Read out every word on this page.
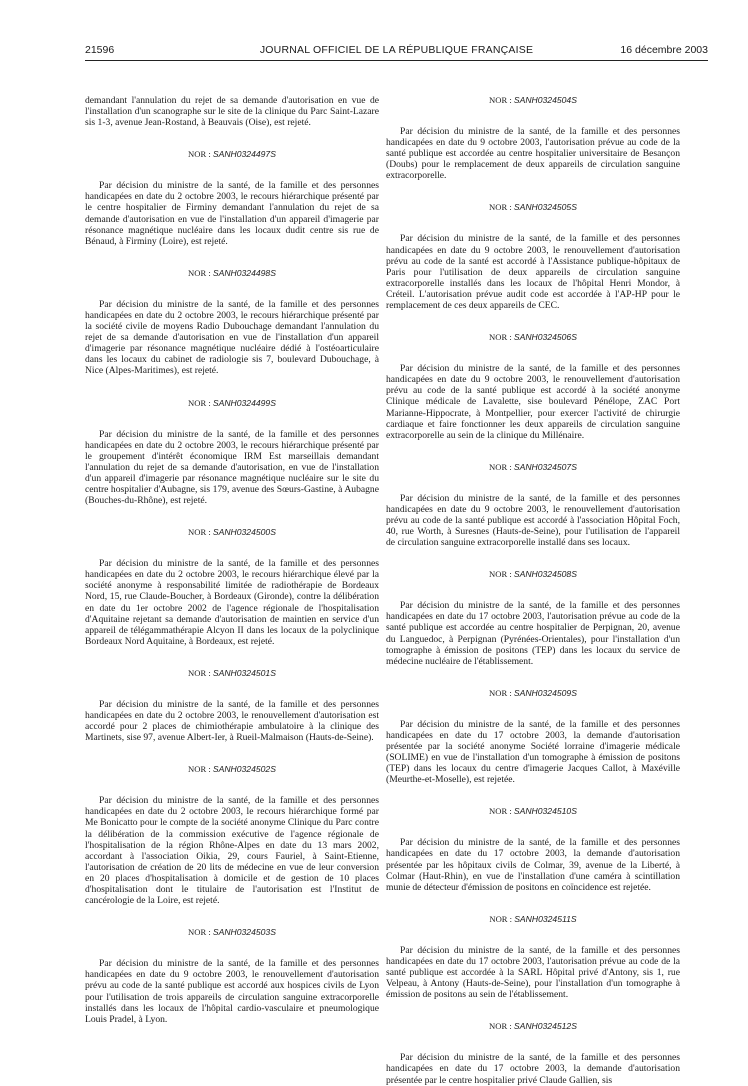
21596	JOURNAL OFFICIEL DE LA RÉPUBLIQUE FRANÇAISE	16 décembre 2003

demandant l'annulation du rejet de sa demande d'autorisation en vue de l'installation d'un scanographe sur le site de la clinique du Parc Saint-Lazare sis 1-3, avenue Jean-Rostand, à Beauvais (Oise), est rejeté.

NOR : SANH0324497S

Par décision du ministre de la santé, de la famille et des personnes handicapées en date du 2 octobre 2003, le recours hiérarchique présenté par le centre hospitalier de Firminy demandant l'annulation du rejet de sa demande d'autorisation en vue de l'installation d'un appareil d'imagerie par résonance magnétique nucléaire dans les locaux dudit centre sis rue de Bénaud, à Firminy (Loire), est rejeté.

NOR : SANH0324498S

Par décision du ministre de la santé, de la famille et des personnes handicapées en date du 2 octobre 2003, le recours hiérarchique présenté par la société civile de moyens Radio Dubouchage demandant l'annulation du rejet de sa demande d'autorisation en vue de l'installation d'un appareil d'imagerie par résonance magnétique nucléaire dédié à l'ostéoarticulaire dans les locaux du cabinet de radiologie sis 7, boulevard Dubouchage, à Nice (Alpes-Maritimes), est rejeté.

NOR : SANH0324499S

Par décision du ministre de la santé, de la famille et des personnes handicapées en date du 2 octobre 2003, le recours hiérarchique présenté par le groupement d'intérêt économique IRM Est marseillais demandant l'annulation du rejet de sa demande d'autorisation, en vue de l'installation d'un appareil d'imagerie par résonance magnétique nucléaire sur le site du centre hospitalier d'Aubagne, sis 179, avenue des Sœurs-Gastine, à Aubagne (Bouches-du-Rhône), est rejeté.

NOR : SANH0324500S

Par décision du ministre de la santé, de la famille et des personnes handicapées en date du 2 octobre 2003, le recours hiérarchique élevé par la société anonyme à responsabilité limitée de radiothérapie de Bordeaux Nord, 15, rue Claude-Boucher, à Bordeaux (Gironde), contre la délibération en date du 1er octobre 2002 de l'agence régionale de l'hospitalisation d'Aquitaine rejetant sa demande d'autorisation de maintien en service d'un appareil de télégammathérapie Alcyon II dans les locaux de la polyclinique Bordeaux Nord Aquitaine, à Bordeaux, est rejeté.

NOR : SANH0324501S

Par décision du ministre de la santé, de la famille et des personnes handicapées en date du 2 octobre 2003, le renouvellement d'autorisation est accordé pour 2 places de chimiothérapie ambulatoire à la clinique des Martinets, sise 97, avenue Albert-Ier, à Rueil-Malmaison (Hauts-de-Seine).

NOR : SANH0324502S

Par décision du ministre de la santé, de la famille et des personnes handicapées en date du 2 octobre 2003, le recours hiérarchique formé par Me Bonicatto pour le compte de la société anonyme Clinique du Parc contre la délibération de la commission exécutive de l'agence régionale de l'hospitalisation de la région Rhône-Alpes en date du 13 mars 2002, accordant à l'association Oikia, 29, cours Fauriel, à Saint-Etienne, l'autorisation de création de 20 lits de médecine en vue de leur conversion en 20 places d'hospitalisation à domicile et de gestion de 10 places d'hospitalisation dont le titulaire de l'autorisation est l'Institut de cancérologie de la Loire, est rejeté.

NOR : SANH0324503S

Par décision du ministre de la santé, de la famille et des personnes handicapées en date du 9 octobre 2003, le renouvellement d'autorisation prévu au code de la santé publique est accordé aux hospices civils de Lyon pour l'utilisation de trois appareils de circulation sanguine extracorporelle installés dans les locaux de l'hôpital cardio-vasculaire et pneumologique Louis Pradel, à Lyon.

NOR : SANH0324504S

Par décision du ministre de la santé, de la famille et des personnes handicapées en date du 9 octobre 2003, l'autorisation prévue au code de la santé publique est accordée au centre hospitalier universitaire de Besançon (Doubs) pour le remplacement de deux appareils de circulation sanguine extracorporelle.

NOR : SANH0324505S

Par décision du ministre de la santé, de la famille et des personnes handicapées en date du 9 octobre 2003, le renouvellement d'autorisation prévu au code de la santé est accordé à l'Assistance publique-hôpitaux de Paris pour l'utilisation de deux appareils de circulation sanguine extracorporelle installés dans les locaux de l'hôpital Henri Mondor, à Créteil. L'autorisation prévue audit code est accordée à l'AP-HP pour le remplacement de ces deux appareils de CEC.

NOR : SANH0324506S

Par décision du ministre de la santé, de la famille et des personnes handicapées en date du 9 octobre 2003, le renouvellement d'autorisation prévu au code de la santé publique est accordé à la société anonyme Clinique médicale de Lavalette, sise boulevard Pénélope, ZAC Port Marianne-Hippocrate, à Montpellier, pour exercer l'activité de chirurgie cardiaque et faire fonctionner les deux appareils de circulation sanguine extracorporelle au sein de la clinique du Millénaire.

NOR : SANH0324507S

Par décision du ministre de la santé, de la famille et des personnes handicapées en date du 9 octobre 2003, le renouvellement d'autorisation prévu au code de la santé publique est accordé à l'association Hôpital Foch, 40, rue Worth, à Suresnes (Hauts-de-Seine), pour l'utilisation de l'appareil de circulation sanguine extracorporelle installé dans ses locaux.

NOR : SANH0324508S

Par décision du ministre de la santé, de la famille et des personnes handicapées en date du 17 octobre 2003, l'autorisation prévue au code de la santé publique est accordée au centre hospitalier de Perpignan, 20, avenue du Languedoc, à Perpignan (Pyrénées-Orientales), pour l'installation d'un tomographe à émission de positons (TEP) dans les locaux du service de médecine nucléaire de l'établissement.

NOR : SANH0324509S

Par décision du ministre de la santé, de la famille et des personnes handicapées en date du 17 octobre 2003, la demande d'autorisation présentée par la société anonyme Société lorraine d'imagerie médicale (SOLIME) en vue de l'installation d'un tomographe à émission de positons (TEP) dans les locaux du centre d'imagerie Jacques Callot, à Maxéville (Meurthe-et-Moselle), est rejetée.

NOR : SANH0324510S

Par décision du ministre de la santé, de la famille et des personnes handicapées en date du 17 octobre 2003, la demande d'autorisation présentée par les hôpitaux civils de Colmar, 39, avenue de la Liberté, à Colmar (Haut-Rhin), en vue de l'installation d'une caméra à scintillation munie de détecteur d'émission de positons en coïncidence est rejetée.

NOR : SANH0324511S

Par décision du ministre de la santé, de la famille et des personnes handicapées en date du 17 octobre 2003, l'autorisation prévue au code de la santé publique est accordée à la SARL Hôpital privé d'Antony, sis 1, rue Velpeau, à Antony (Hauts-de-Seine), pour l'installation d'un tomographe à émission de positons au sein de l'établissement.

NOR : SANH0324512S

Par décision du ministre de la santé, de la famille et des personnes handicapées en date du 17 octobre 2003, la demande d'autorisation présentée par le centre hospitalier privé Claude Gallien, sis
